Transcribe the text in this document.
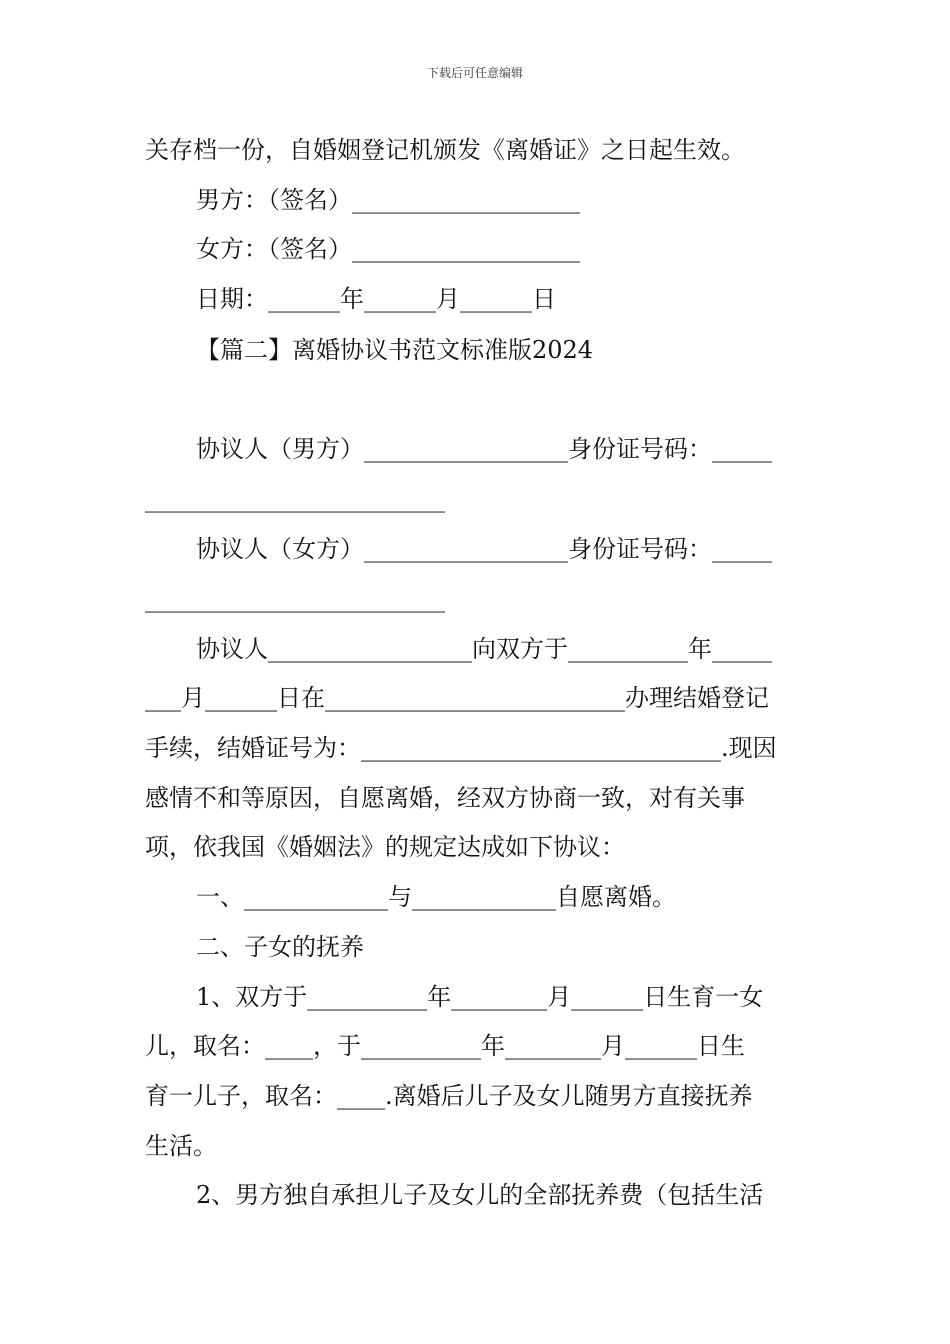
下载后可任意编辑
关存档一份，自婚姻登记机颁发《离婚证》之日起生效。
男方：（签名）___________________
女方：（签名）___________________
日期：______年______月______日
【篇二】离婚协议书范文标准版2024
协议人（男方）_________________身份证号码：_____
_________________________
协议人（女方）_________________身份证号码：_____
_________________________
协议人_________________向双方于__________年_____
___月______日在_________________________办理结婚登记
手续，结婚证号为：______________________________.现因
感情不和等原因，自愿离婚，经双方协商一致，对有关事
项，依我国《婚姻法》的规定达成如下协议：
一、____________与____________自愿离婚。
二、子女的抚养
1、双方于__________年________月______日生育一女
儿，取名：____，于__________年________月______日生
育一儿子，取名：____.离婚后儿子及女儿随男方直接抚养
生活。
2、男方独自承担儿子及女儿的全部抚养费（包括生活
